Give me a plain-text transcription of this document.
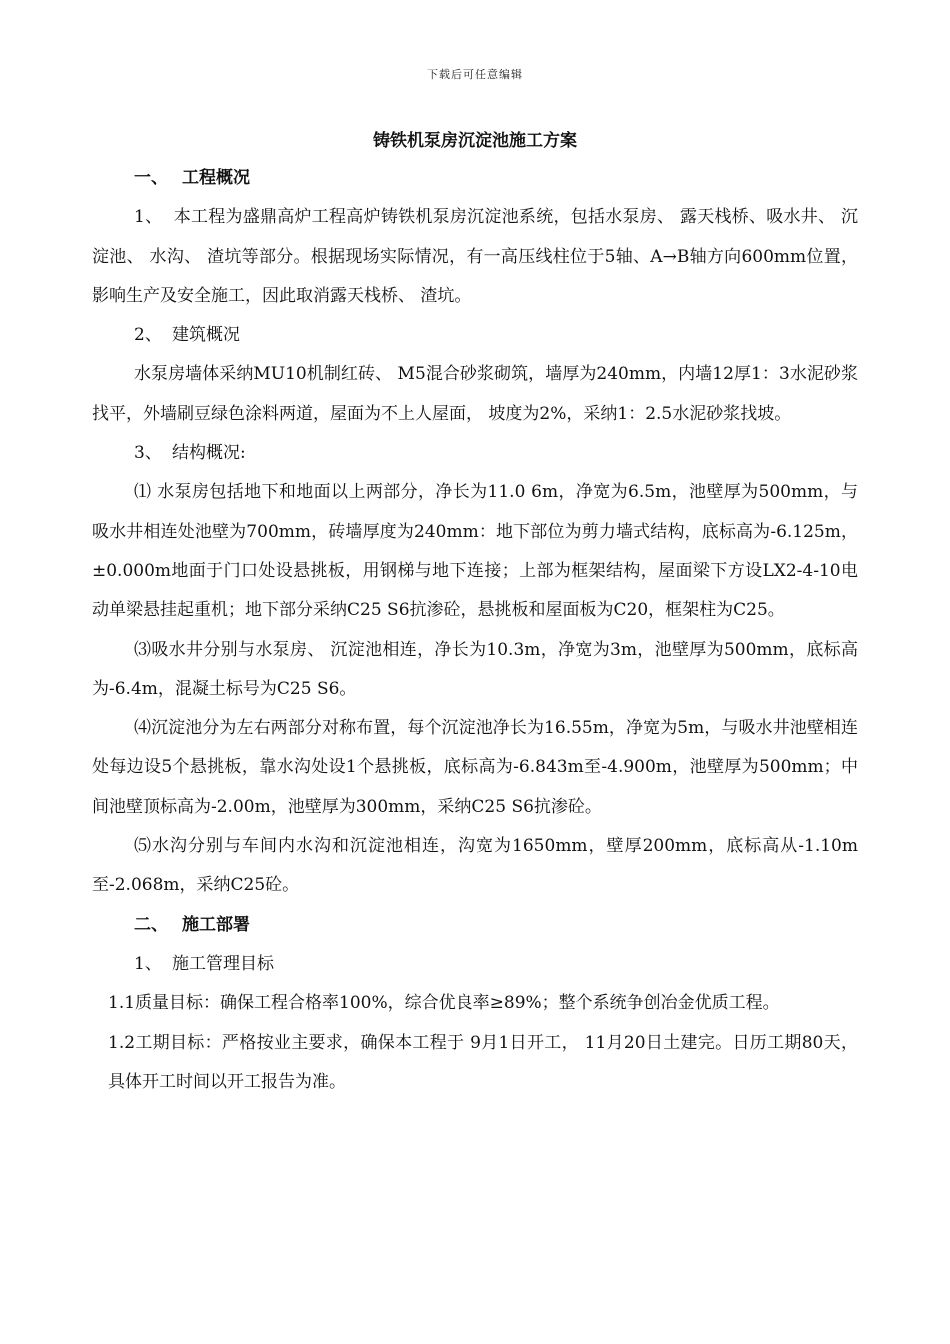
下载后可任意编辑
铸铁机泵房沉淀池施工方案

一、 工程概况

1、 本工程为盛鼎高炉工程高炉铸铁机泵房沉淀池系统，包括水泵房、 露天栈桥、吸水井、 沉淀池、 水沟、 渣坑等部分。根据现场实际情况，有一高压线柱位于5轴、A→B轴方向600mm位置，影响生产及安全施工，因此取消露天栈桥、 渣坑。

2、 建筑概况

水泵房墙体采纳MU10机制红砖、 M5混合砂浆砌筑，墙厚为240mm，内墙12厚1：3水泥砂浆找平，外墙刷豆绿色涂料两道，屋面为不上人屋面， 坡度为2%，采纳1：2.5水泥砂浆找坡。

3、 结构概况:

⑴ 水泵房包括地下和地面以上两部分，净长为11.0 6m，净宽为6.5m，池壁厚为500mm，与吸水井相连处池壁为700mm，砖墙厚度为240mm：地下部位为剪力墙式结构，底标高为-6.125m，±0.000m地面于门口处设悬挑板，用钢梯与地下连接；上部为框架结构，屋面梁下方设LX2-4-10电动单梁悬挂起重机；地下部分采纳C25 S6抗渗砼，悬挑板和屋面板为C20，框架柱为C25。

⑶吸水井分别与水泵房、 沉淀池相连，净长为10.3m，净宽为3m，池壁厚为500mm，底标高为-6.4m，混凝土标号为C25 S6。

⑷沉淀池分为左右两部分对称布置，每个沉淀池净长为16.55m，净宽为5m，与吸水井池壁相连处每边设5个悬挑板，靠水沟处设1个悬挑板，底标高为-6.843m至-4.900m，池壁厚为500mm；中间池壁顶标高为-2.00m，池壁厚为300mm，采纳C25 S6抗渗砼。

⑸水沟分别与车间内水沟和沉淀池相连，沟宽为1650mm，壁厚200mm，底标高从-1.10m至-2.068m，采纳C25砼。

二、 施工部署

1、 施工管理目标

1.1质量目标：确保工程合格率100%，综合优良率≥89%；整个系统争创冶金优质工程。

1.2工期目标：严格按业主要求，确保本工程于 9月1日开工， 11月20日土建完。日历工期80天，具体开工时间以开工报告为准。
